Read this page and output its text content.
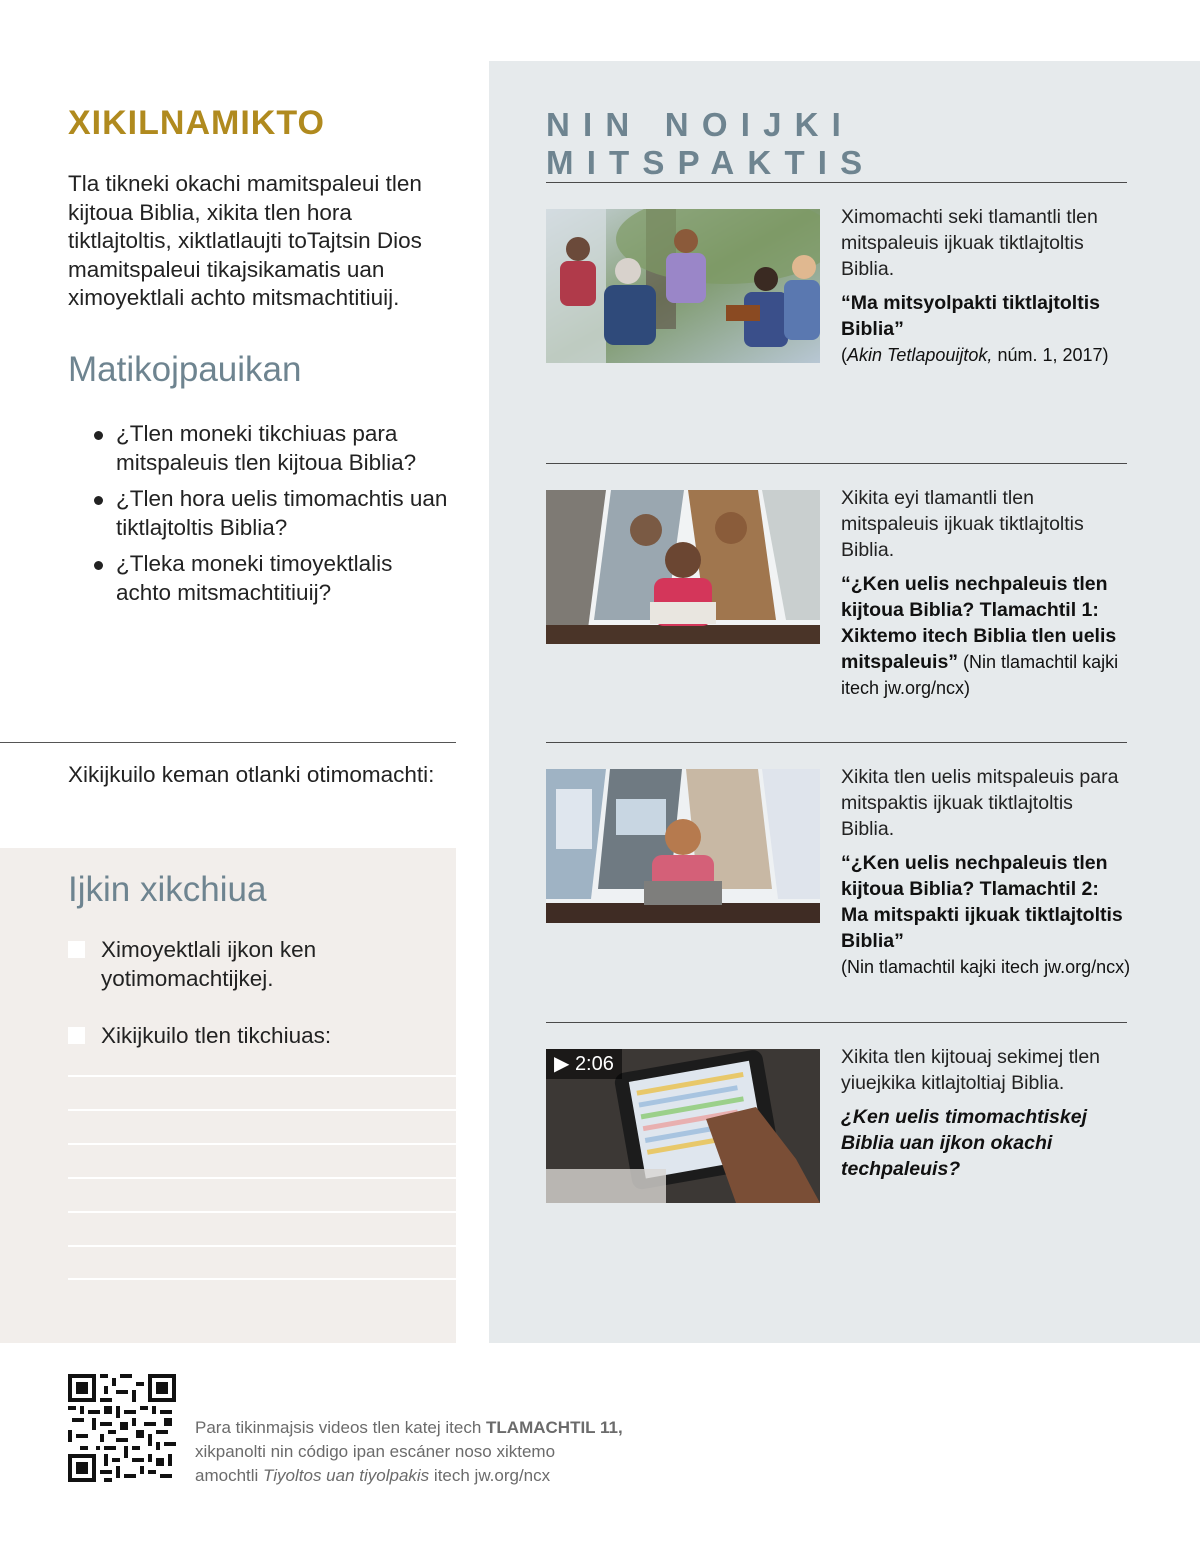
XIKILNAMIKTO

Tla tikneki okachi mamitspaleui tlen kijtoua Biblia, xikita tlen hora tiktlajtoltis, xiktlatlaujti toTajtsin Dios mamitspaleui tikajsikamatis uan ximoyektlali achto mitsmachtitiuij.

Matikojpauikan
¿Tlen moneki tikchiuas para mitspaleuis tlen kijtoua Biblia?
¿Tlen hora uelis timomachtis uan tiktlajtoltis Biblia?
¿Tleka moneki timoyektlalis achto mitsmachtitiuij?

Xikijkuilo keman otlanki otimomachti:

Ijkin xikchiua
Ximoyektlali ijkon ken yotimomachtijkej.
Xikijkuilo tlen tikchiuas:
NIN NOIJKI MITSPAKTIS

Ximomachti seki tlamantli tlen mitspaleuis ijkuak tiktlajtoltis Biblia.

“Ma mitsyolpakti tiktlajtoltis Biblia”

(Akin Tetlapouijtok, núm. 1, 2017)

Xikita eyi tlamantli tlen mitspaleuis ijkuak tiktlajtoltis Biblia.

“¿Ken uelis nechpaleuis tlen kijtoua Biblia? Tlamachtil 1: Xiktemo itech Biblia tlen uelis mitspaleuis” (Nin tlamachtil kajki itech jw.org/ncx)

Xikita tlen uelis mitspaleuis para mitspaktis ijkuak tiktlajtoltis Biblia.

“¿Ken uelis nechpaleuis tlen kijtoua Biblia? Tlamachtil 2: Ma mitspakti ijkuak tiktlajtoltis Biblia”

(Nin tlamachtil kajki itech jw.org/ncx)

▶ 2:06	Xikita tlen kijtouaj sekimej tlen yiuejkika kitlajtoltiaj Biblia.

¿Ken uelis timomachtiskej Biblia uan ijkon okachi techpaleuis?

Para tikinmajsis videos tlen katej itech TLAMACHTIL 11,
xikpanolti nin código ipan escáner noso xiktemo
amochtli Tiyoltos uan tiyolpakis itech jw.org/ncx
